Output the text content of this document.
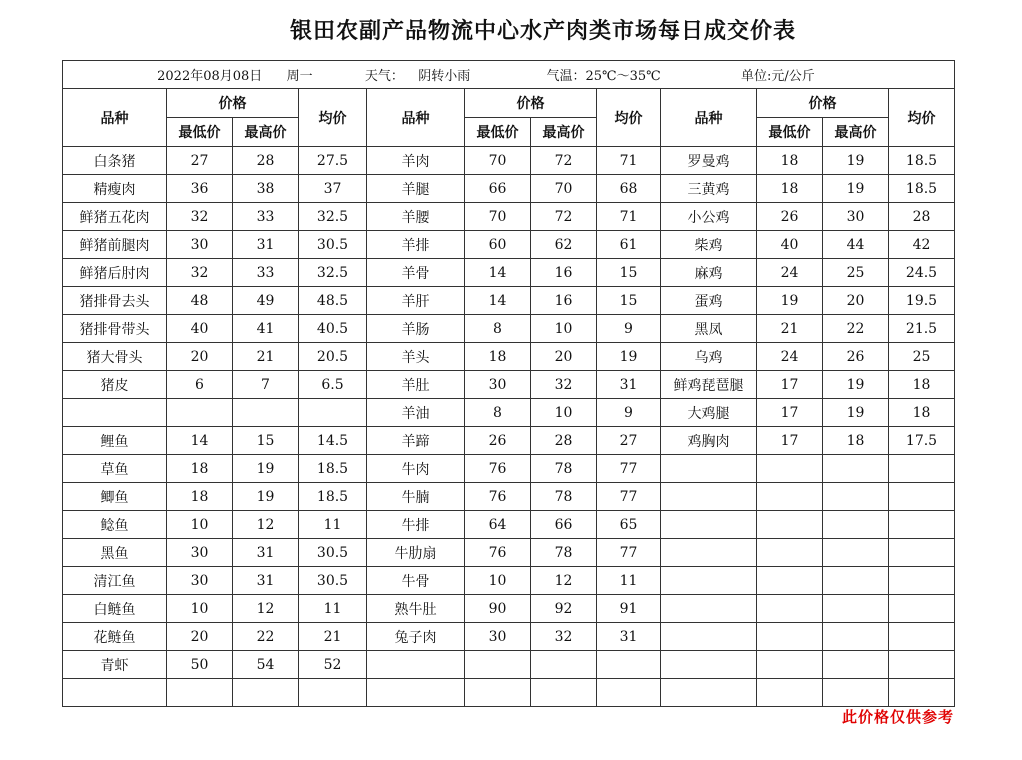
银田农副产品物流中心水产肉类市场每日成交价表
2022年08月08日 周一 天气： 阴转小雨 气温：25℃～35℃ 单位:元/公斤											
品种	价格		均价	品种	价格		均价	品种	价格		均价
	最低价	最高价			最低价	最高价			最低价	最高价	
白条猪	27	28	27.5	羊肉	70	72	71	罗曼鸡	18	19	18.5
精瘦肉	36	38	37	羊腿	66	70	68	三黄鸡	18	19	18.5
鲜猪五花肉	32	33	32.5	羊腰	70	72	71	小公鸡	26	30	28
鲜猪前腿肉	30	31	30.5	羊排	60	62	61	柴鸡	40	44	42
鲜猪后肘肉	32	33	32.5	羊骨	14	16	15	麻鸡	24	25	24.5
猪排骨去头	48	49	48.5	羊肝	14	16	15	蛋鸡	19	20	19.5
猪排骨带头	40	41	40.5	羊肠	8	10	9	黑凤	21	22	21.5
猪大骨头	20	21	20.5	羊头	18	20	19	乌鸡	24	26	25
猪皮	6	7	6.5	羊肚	30	32	31	鲜鸡琵琶腿	17	19	18
				羊油	8	10	9	大鸡腿	17	19	18
鲤鱼	14	15	14.5	羊蹄	26	28	27	鸡胸肉	17	18	17.5
草鱼	18	19	18.5	牛肉	76	78	77				
鲫鱼	18	19	18.5	牛腩	76	78	77				
鲶鱼	10	12	11	牛排	64	66	65				
黑鱼	30	31	30.5	牛肋扇	76	78	77				
清江鱼	30	31	30.5	牛骨	10	12	11				
白鲢鱼	10	12	11	熟牛肚	90	92	91				
花鲢鱼	20	22	21	兔子肉	30	32	31				
青虾	50	54	52								

此价格仅供参考
